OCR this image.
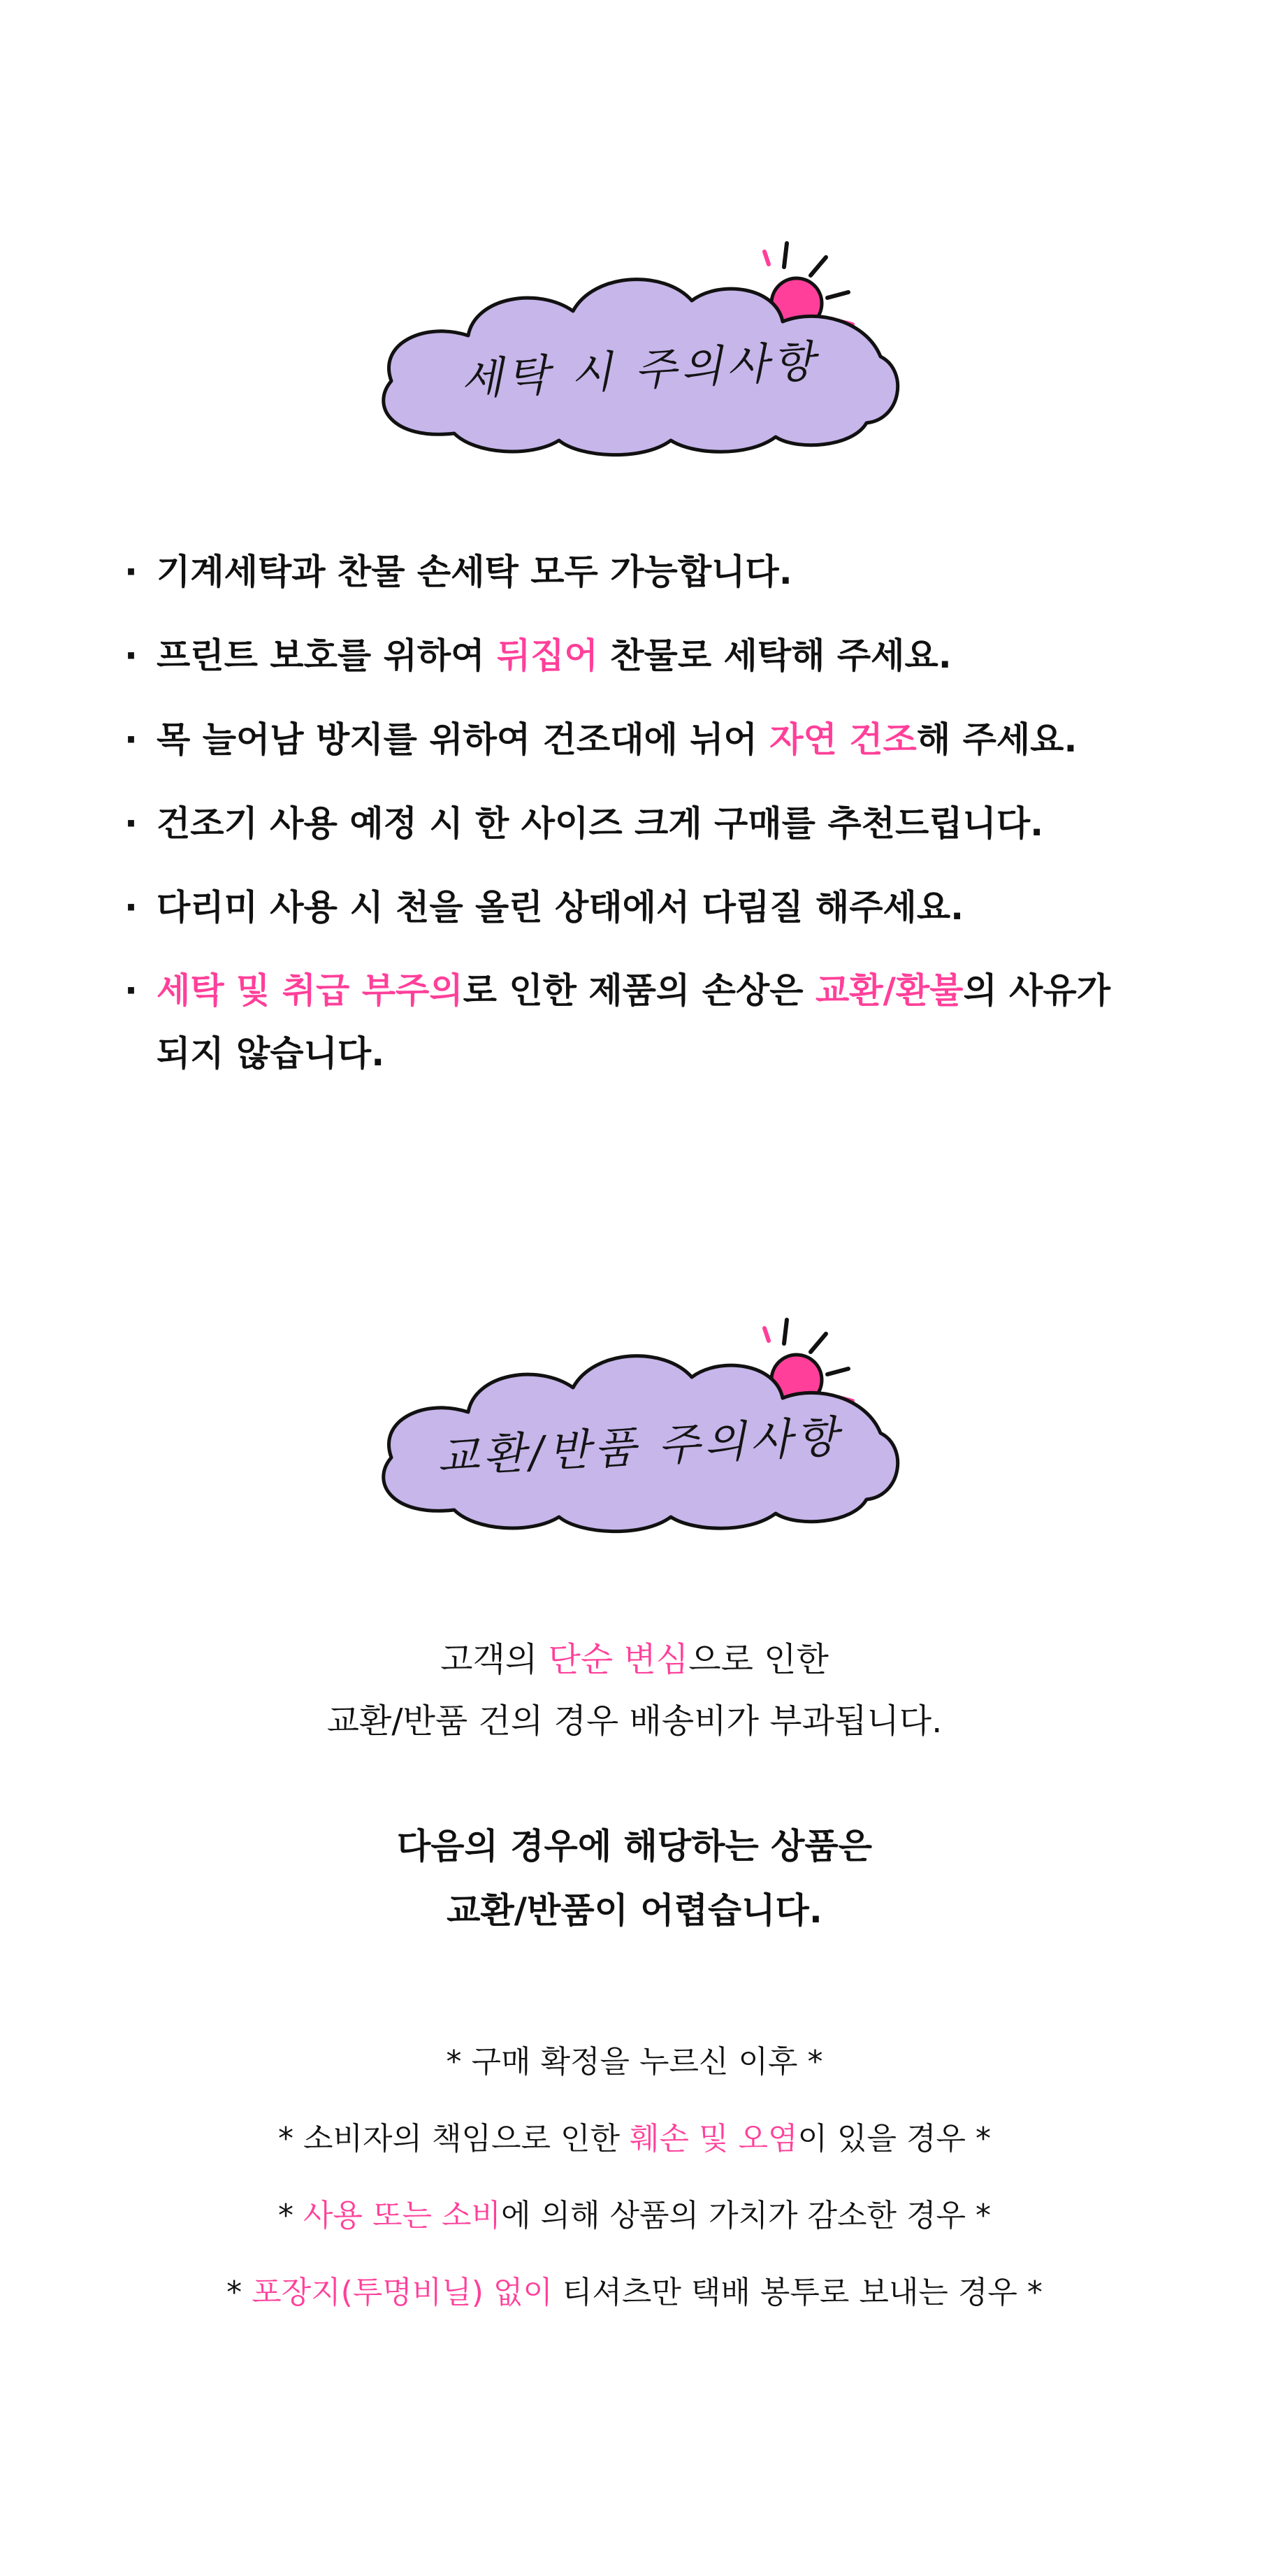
세탁 시 주의사항
· 기계세탁과 찬물 손세탁 모두 가능합니다.
· 프린트 보호를 위하여 뒤집어 찬물로 세탁해 주세요.
· 목 늘어남 방지를 위하여 건조대에 뉘어 자연 건조해 주세요.
· 건조기 사용 예정 시 한 사이즈 크게 구매를 추천드립니다.
· 다리미 사용 시 천을 올린 상태에서 다림질 해주세요.
· 세탁 및 취급 부주의로 인한 제품의 손상은 교환/환불의 사유가 되지 않습니다.
교환/반품 주의사항
고객의 단순 변심으로 인한
교환/반품 건의 경우 배송비가 부과됩니다.
다음의 경우에 해당하는 상품은
교환/반품이 어렵습니다.
* 구매 확정을 누르신 이후 *
* 소비자의 책임으로 인한 훼손 및 오염이 있을 경우 *
* 사용 또는 소비에 의해 상품의 가치가 감소한 경우 *
* 포장지(투명비닐) 없이 티셔츠만 택배 봉투로 보내는 경우 *
